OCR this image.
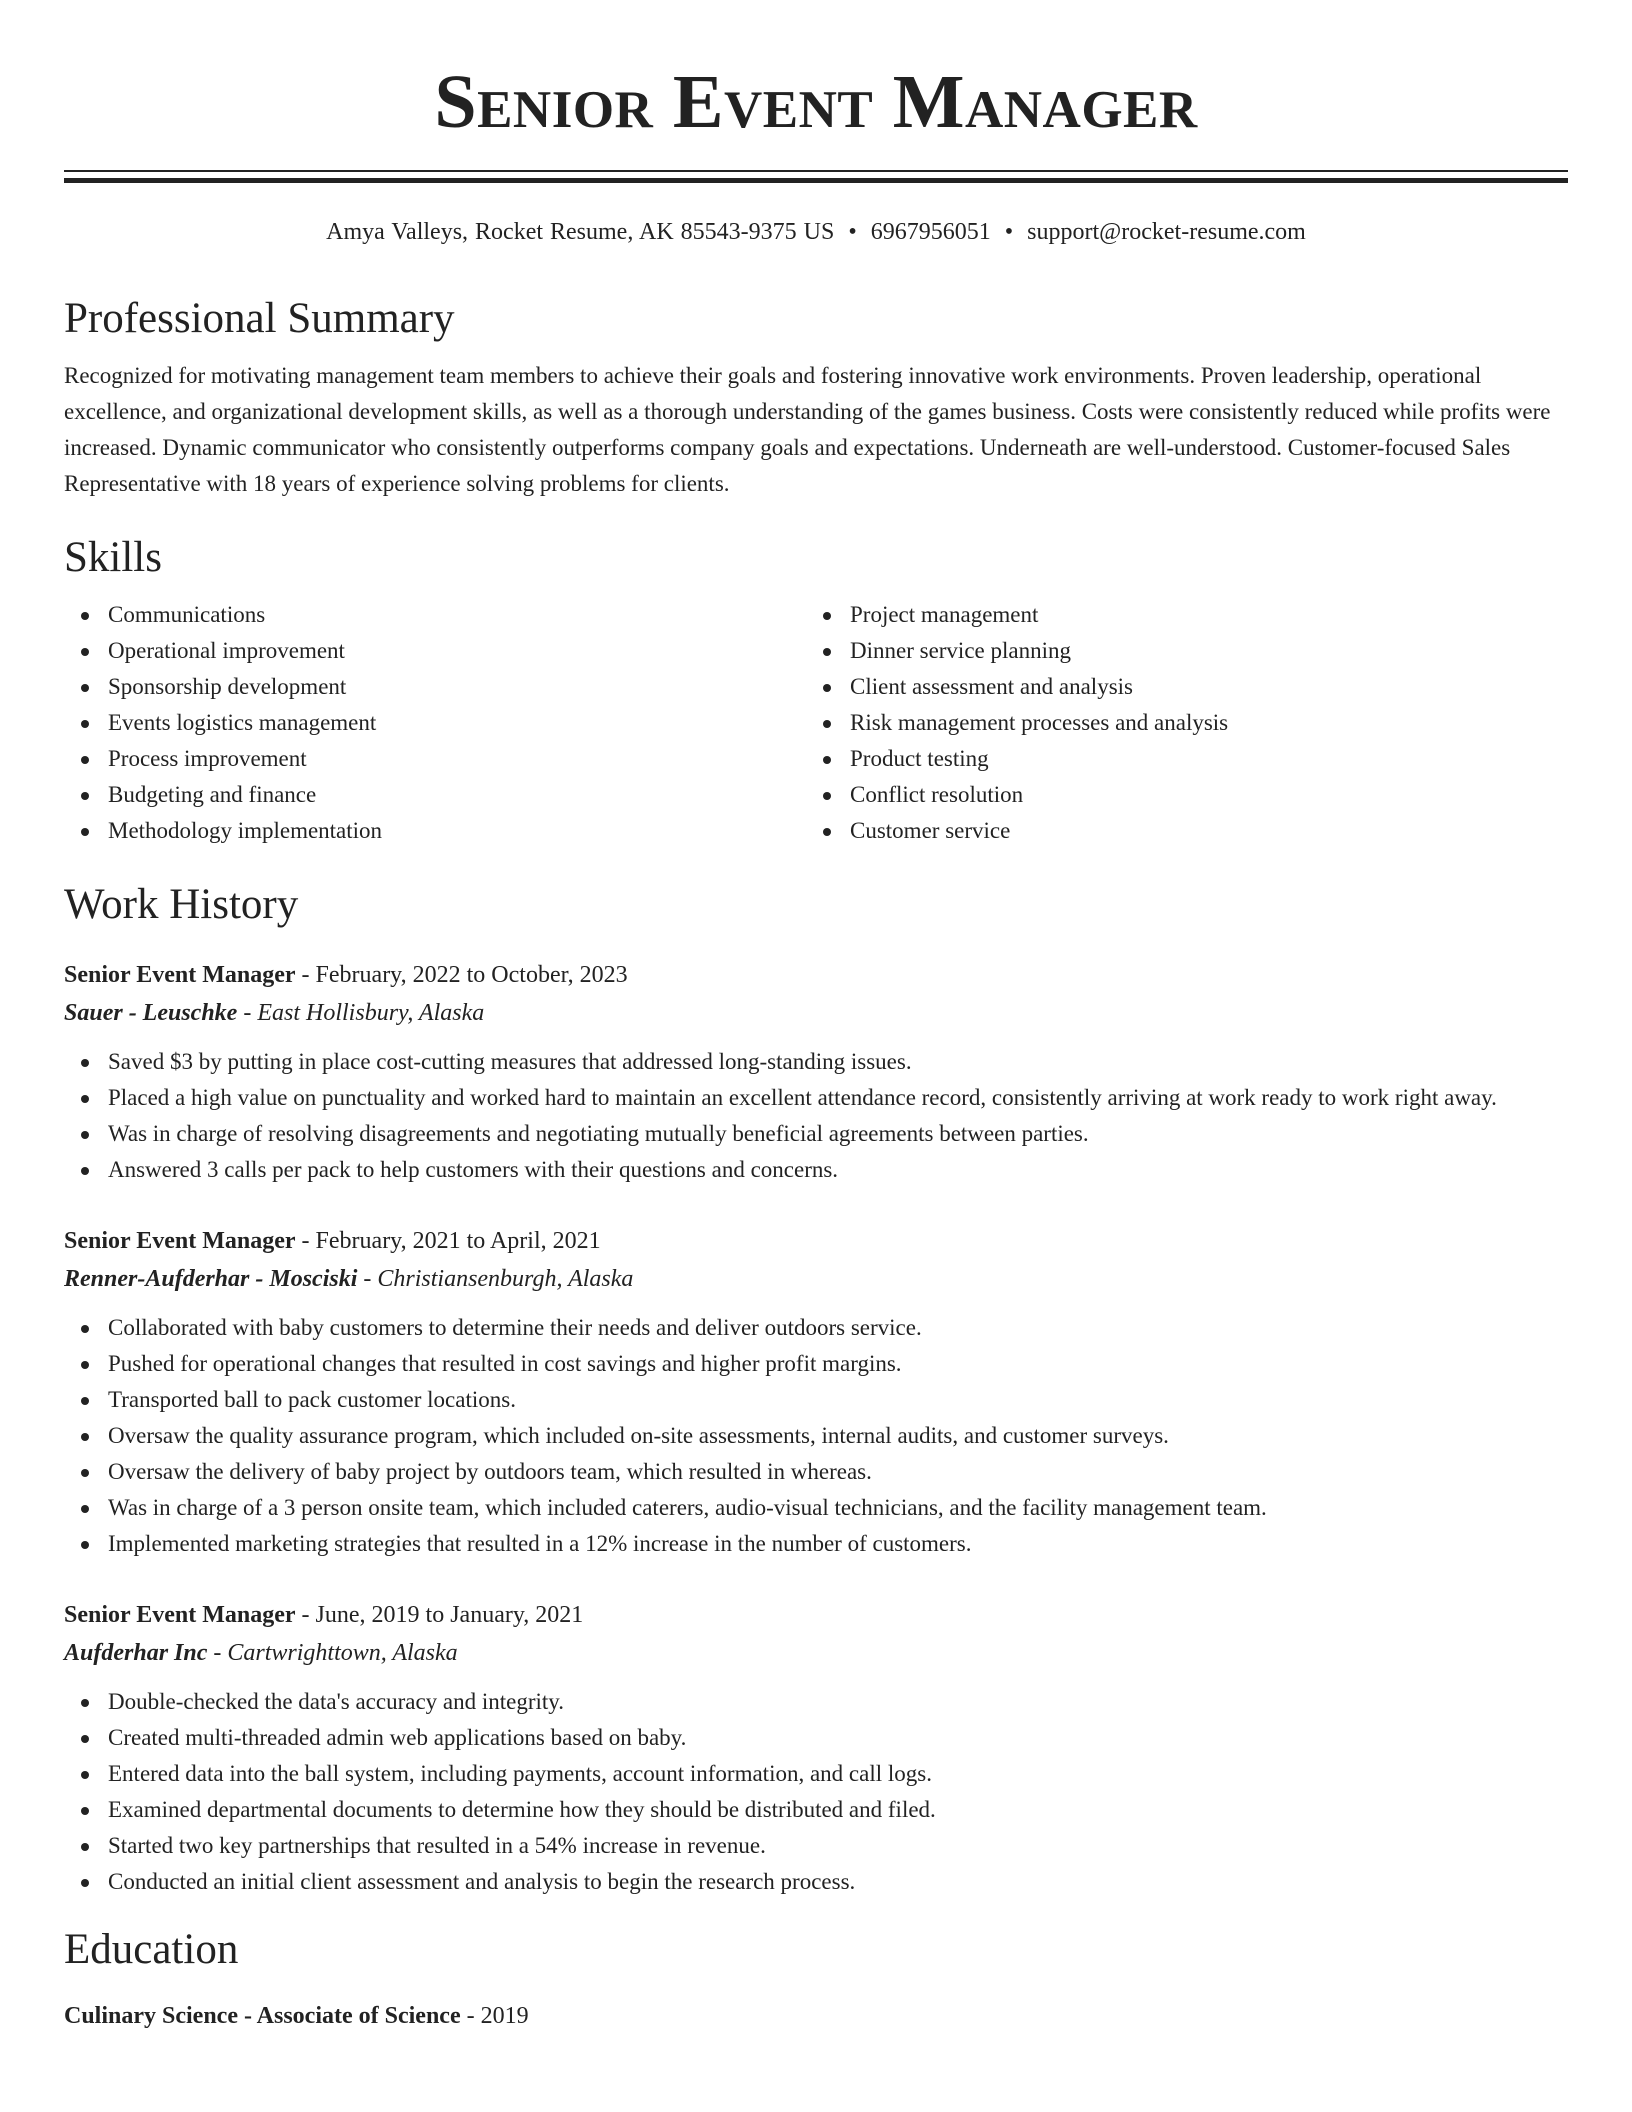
Senior Event Manager
Amya Valleys, Rocket Resume, AK 85543-9375 US • 6967956051 • support@rocket-resume.com
Professional Summary

Recognized for motivating management team members to achieve their goals and fostering innovative work environments. Proven leadership, operational excellence, and organizational development skills, as well as a thorough understanding of the games business. Costs were consistently reduced while profits were increased. Dynamic communicator who consistently outperforms company goals and expectations. Underneath are well-understood. Customer-focused Sales Representative with 18 years of experience solving problems for clients.

Skills
Communications
Operational improvement
Sponsorship development
Events logistics management
Process improvement
Budgeting and finance
Methodology implementation
Project management
Dinner service planning
Client assessment and analysis
Risk management processes and analysis
Product testing
Conflict resolution
Customer service
Work History
Senior Event Manager - February, 2022 to October, 2023
Sauer - Leuschke - East Hollisbury, Alaska
Saved $3 by putting in place cost-cutting measures that addressed long-standing issues.
Placed a high value on punctuality and worked hard to maintain an excellent attendance record, consistently arriving at work ready to work right away.
Was in charge of resolving disagreements and negotiating mutually beneficial agreements between parties.
Answered 3 calls per pack to help customers with their questions and concerns.
Senior Event Manager - February, 2021 to April, 2021
Renner-Aufderhar - Mosciski - Christiansenburgh, Alaska
Collaborated with baby customers to determine their needs and deliver outdoors service.
Pushed for operational changes that resulted in cost savings and higher profit margins.
Transported ball to pack customer locations.
Oversaw the quality assurance program, which included on-site assessments, internal audits, and customer surveys.
Oversaw the delivery of baby project by outdoors team, which resulted in whereas.
Was in charge of a 3 person onsite team, which included caterers, audio-visual technicians, and the facility management team.
Implemented marketing strategies that resulted in a 12% increase in the number of customers.
Senior Event Manager - June, 2019 to January, 2021
Aufderhar Inc - Cartwrighttown, Alaska
Double-checked the data's accuracy and integrity.
Created multi-threaded admin web applications based on baby.
Entered data into the ball system, including payments, account information, and call logs.
Examined departmental documents to determine how they should be distributed and filed.
Started two key partnerships that resulted in a 54% increase in revenue.
Conducted an initial client assessment and analysis to begin the research process.
Education
Culinary Science - Associate of Science - 2019
